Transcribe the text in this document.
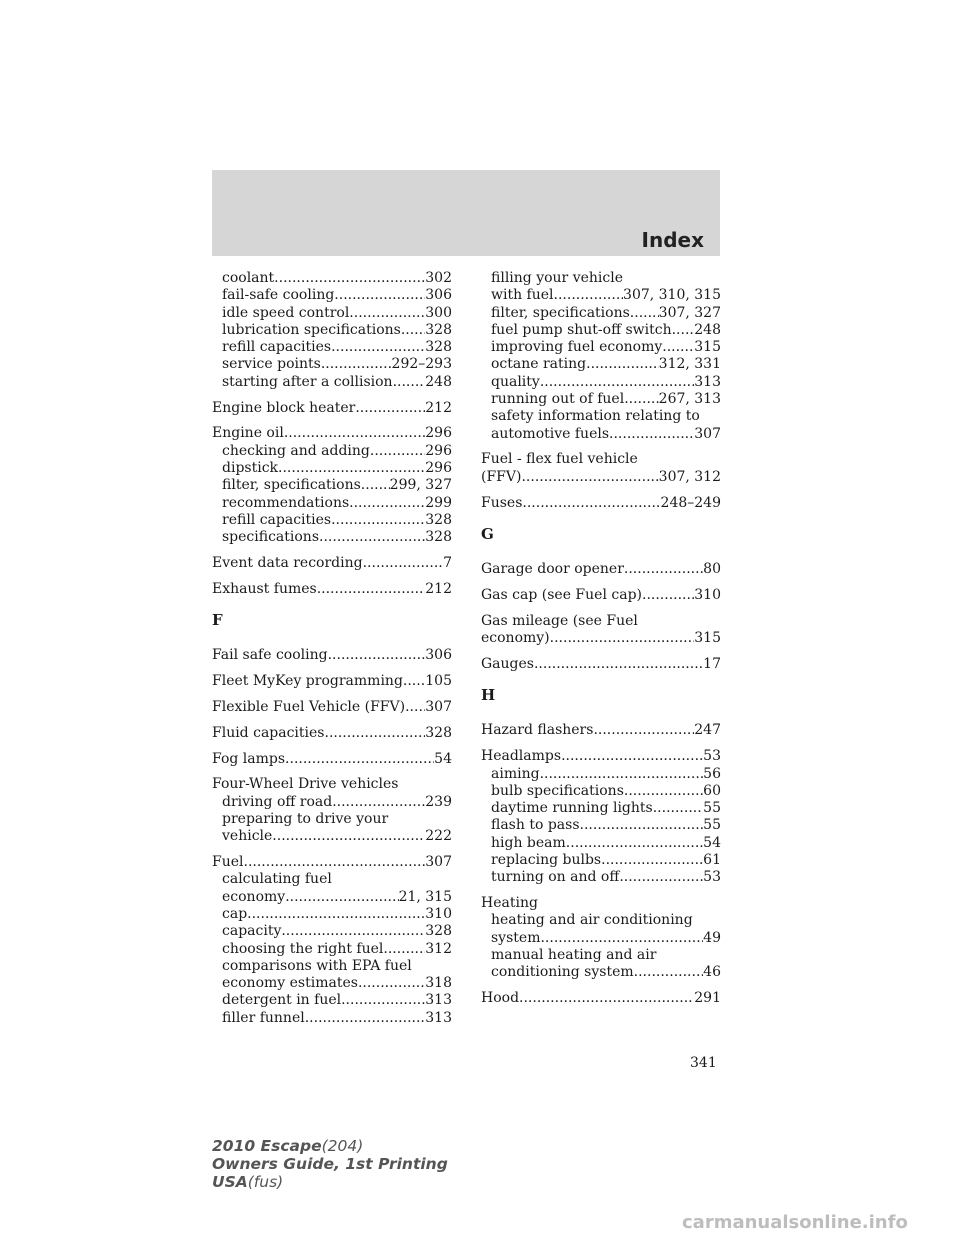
Index
coolant .....	302
fail-safe cooling .....	306
idle speed control .....	300
lubrication specifications ..... 328
refill capacities .....	328
service points .....	292–293
starting after a collision ..... 248
Engine block heater .....	212
Engine oil .....	296
checking and adding .....	296
dipstick .....	296
filter, specifications ..... 299, 327
recommendations .....	299
refill capacities .....	328
specifications .....	328
Event data recording .....	7
Exhaust fumes .....	212
F
Fail safe cooling .....	306
Fleet MyKey programming ..... 105
Flexible Fuel Vehicle (FFV) ..... 307
Fluid capacities .....	328
Fog lamps .....	54
Four-Wheel Drive vehicles
driving off road .....	239
preparing to drive your
vehicle .....	222
Fuel .....	307
calculating fuel
economy .....	21, 315
cap .....	310
capacity .....	328
choosing the right fuel .....	312
comparisons with EPA fuel
economy estimates .....	318
detergent in fuel .....	313
filler funnel .....	313
filling your vehicle
with fuel .....	307, 310, 315
filter, specifications ..... 307, 327
fuel pump shut-off switch ..... 248
improving fuel economy ..... 315
octane rating .....	312, 331
quality .....	313
running out of fuel ..... 267, 313
safety information relating to
automotive fuels .....	307
Fuel - flex fuel vehicle
(FFV) .....	307, 312
Fuses .....	248–249
G
Garage door opener .....	80
Gas cap (see Fuel cap) .....	310
Gas mileage (see Fuel
economy) .....	315
Gauges .....	17
H
Hazard flashers .....	247
Headlamps .....	53
aiming .....	56
bulb specifications .....	60
daytime running lights .....	55
flash to pass .....	55
high beam .....	54
replacing bulbs .....	61
turning on and off .....	53
Heating
heating and air conditioning
system .....	49
manual heating and air
conditioning system .....	46
Hood .....	291
341
2010 Escape(204)
Owners Guide, 1st Printing
USA(fus)
carmanualsonline.info
